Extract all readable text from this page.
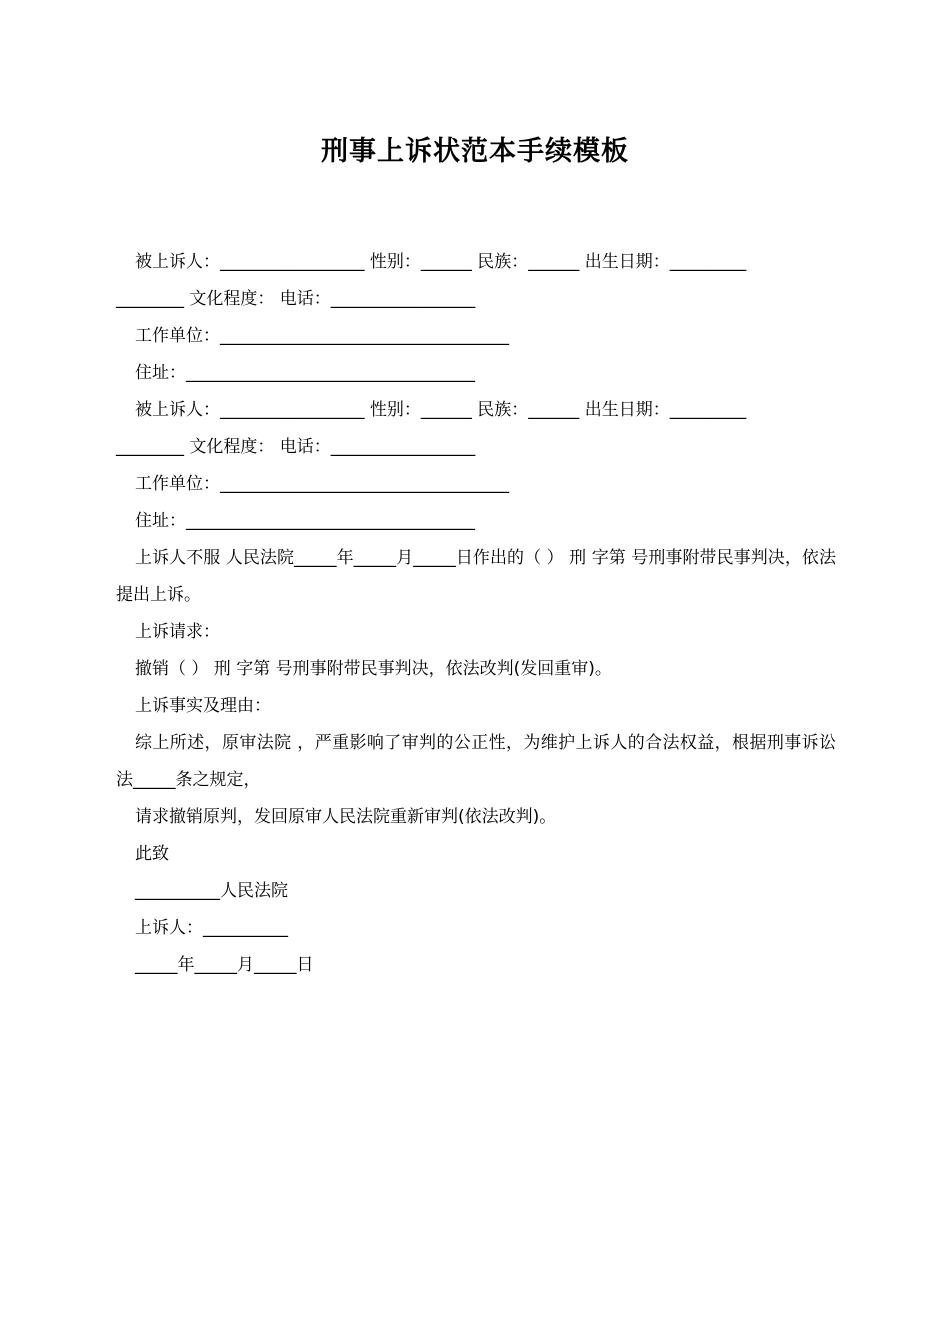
刑事上诉状范本手续模板
被上诉人：_________________ 性别：______ 民族：______ 出生日期：_________
________ 文化程度： 电话：_________________
工作单位：__________________________________
住址：__________________________________
被上诉人：_________________ 性别：______ 民族：______ 出生日期：_________
________ 文化程度： 电话：_________________
工作单位：__________________________________
住址：__________________________________
上诉人不服 人民法院_____年_____月_____日作出的（ ） 刑 字第 号刑事附带民事判决，依法提出上诉。
上诉请求：
撤销（ ） 刑 字第 号刑事附带民事判决，依法改判(发回重审)。
上诉事实及理由：
综上所述，原审法院 ，严重影响了审判的公正性，为维护上诉人的合法权益，根据刑事诉讼法_____条之规定，
请求撤销原判，发回原审人民法院重新审判(依法改判)。
此致
__________人民法院
上诉人：__________
_____年_____月_____日
